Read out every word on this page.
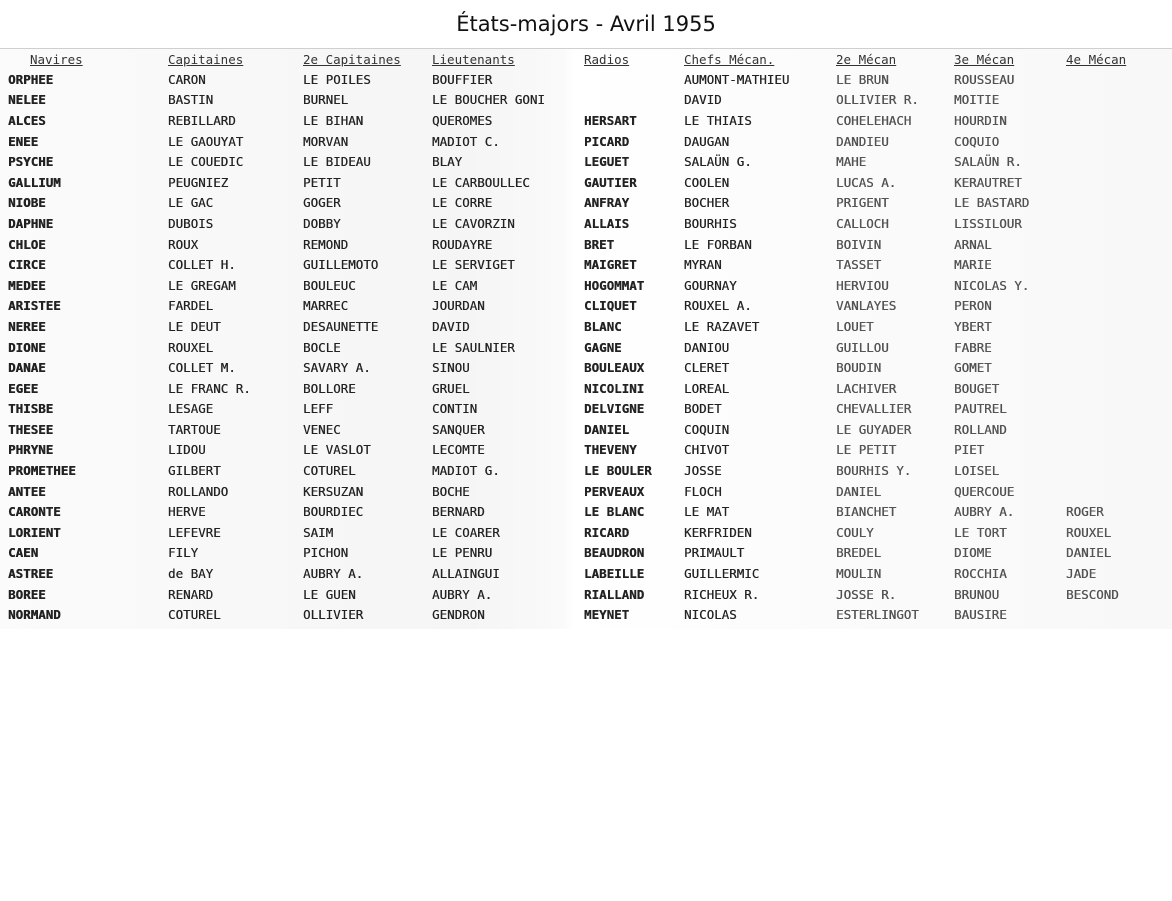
États-majors - Avril 1955
Navires	Capitaines	2e Capitaines	Lieutenants	Radios	Chefs Mécan.	2e Mécan	3e Mécan	4e Mécan
ORPHEE	CARON	LE POILES	BOUFFIER		AUMONT-MATHIEU	LE BRUN	ROUSSEAU	
NELEE	BASTIN	BURNEL	LE BOUCHER GONI		DAVID	OLLIVIER R.	MOITIE	
ALCES	REBILLARD	LE BIHAN	QUEROMES	HERSART	LE THIAIS	COHELEHACH	HOURDIN	
ENEE	LE GAOUYAT	MORVAN	MADIOT C.	PICARD	DAUGAN	DANDIEU	COQUIO	
PSYCHE	LE COUEDIC	LE BIDEAU	BLAY	LEGUET	SALAÜN G.	MAHE	SALAÜN R.	
GALLIUM	PEUGNIEZ	PETIT	LE CARBOULLEC	GAUTIER	COOLEN	LUCAS A.	KERAUTRET	
NIOBE	LE GAC	GOGER	LE CORRE	ANFRAY	BOCHER	PRIGENT	LE BASTARD	
DAPHNE	DUBOIS	DOBBY	LE CAVORZIN	ALLAIS	BOURHIS	CALLOCH	LISSILOUR	
CHLOE	ROUX	REMOND	ROUDAYRE	BRET	LE FORBAN	BOIVIN	ARNAL	
CIRCE	COLLET H.	GUILLEMOTO	LE SERVIGET	MAIGRET	MYRAN	TASSET	MARIE	
MEDEE	LE GREGAM	BOULEUC	LE CAM	HOGOMMAT	GOURNAY	HERVIOU	NICOLAS Y.	
ARISTEE	FARDEL	MARREC	JOURDAN	CLIQUET	ROUXEL A.	VANLAYES	PERON	
NEREE	LE DEUT	DESAUNETTE	DAVID	BLANC	LE RAZAVET	LOUET	YBERT	
DIONE	ROUXEL	BOCLE	LE SAULNIER	GAGNE	DANIOU	GUILLOU	FABRE	
DANAE	COLLET M.	SAVARY A.	SINOU	BOULEAUX	CLERET	BOUDIN	GOMET	
EGEE	LE FRANC R.	BOLLORE	GRUEL	NICOLINI	LOREAL	LACHIVER	BOUGET	
THISBE	LESAGE	LEFF	CONTIN	DELVIGNE	BODET	CHEVALLIER	PAUTREL	
THESEE	TARTOUE	VENEC	SANQUER	DANIEL	COQUIN	LE GUYADER	ROLLAND	
PHRYNE	LIDOU	LE VASLOT	LECOMTE	THEVENY	CHIVOT	LE PETIT	PIET	
PROMETHEE	GILBERT	COTUREL	MADIOT G.	LE BOULER	JOSSE	BOURHIS Y.	LOISEL	
ANTEE	ROLLANDO	KERSUZAN	BOCHE	PERVEAUX	FLOCH	DANIEL	QUERCOUE	
CARONTE	HERVE	BOURDIEC	BERNARD	LE BLANC	LE MAT	BIANCHET	AUBRY A.	ROGER
LORIENT	LEFEVRE	SAIM	LE COARER	RICARD	KERFRIDEN	COULY	LE TORT	ROUXEL
CAEN	FILY	PICHON	LE PENRU	BEAUDRON	PRIMAULT	BREDEL	DIOME	DANIEL
ASTREE	de BAY	AUBRY A.	ALLAINGUI	LABEILLE	GUILLERMIC	MOULIN	ROCCHIA	JADE
BOREE	RENARD	LE GUEN	AUBRY A.	RIALLAND	RICHEUX R.	JOSSE R.	BRUNOU	BESCOND
NORMAND	COTUREL	OLLIVIER	GENDRON	MEYNET	NICOLAS	ESTERLINGOT	BAUSIRE	
